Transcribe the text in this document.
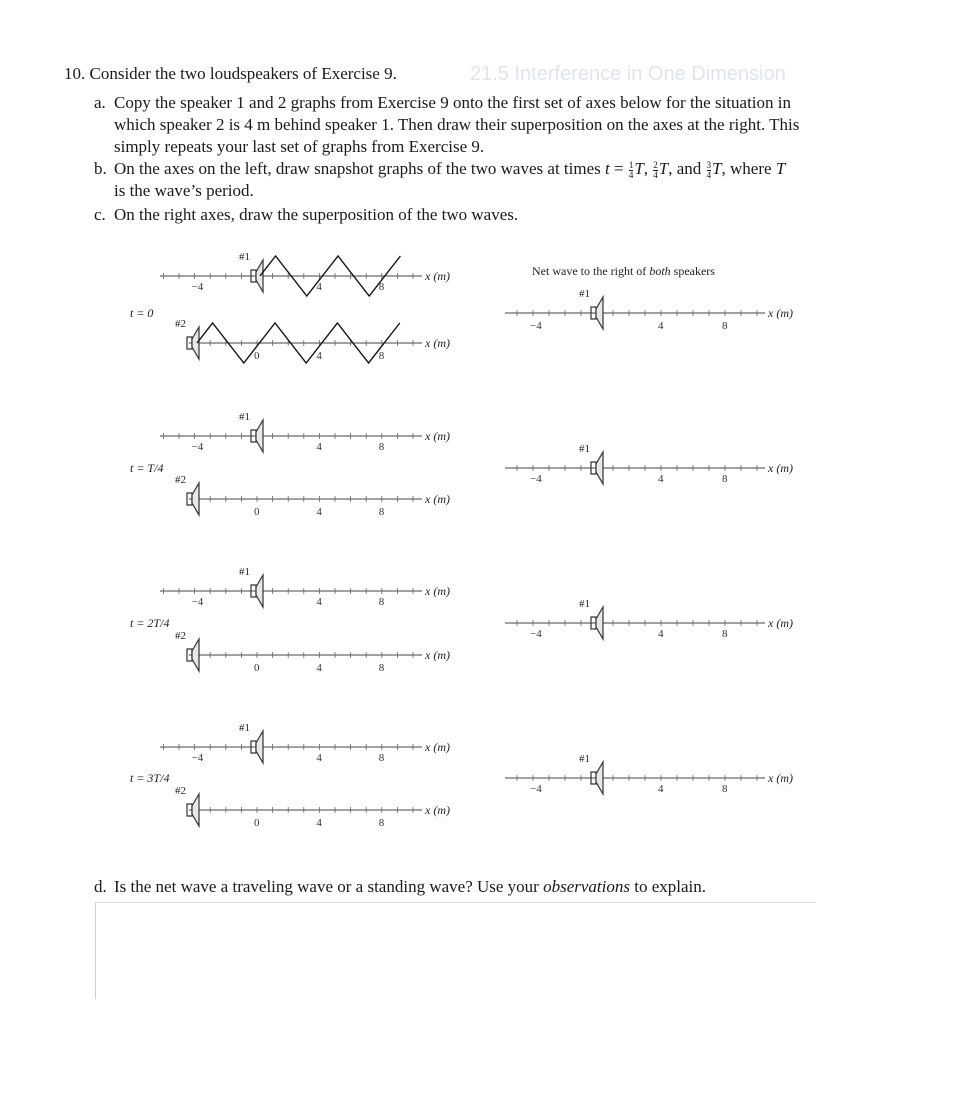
21.5 Interference in One Dimension
10. Consider the two loudspeakers of Exercise 9.
a. Copy the speaker 1 and 2 graphs from Exercise 9 onto the first set of axes below for the situation in
which speaker 2 is 4 m behind speaker 1. Then draw their superposition on the axes at the right. This
simply repeats your last set of graphs from Exercise 9.
b. On the axes on the left, draw snapshot graphs of the two waves at times $t = \frac{1}{4} T$, $\frac{2}{4} T$, and $\frac{3}{4} T$, where T
is the wave’s period.
c. On the right axes, draw the superposition of the two waves.
−4	4	8
x (m)
#1
0	4	8
x (m)
#2
t = 0
−4	4	8
x (m)
#1
0	4	8
x (m)
#2
t = T/4
−4	4	8
x (m)
#1
0	4	8
x (m)
#2
t = 2T/4
−4	4	8
x (m)
#1
0	4	8
x (m)
#2
t = 3T/4
−4	4	8
x (m)
#1
−4	4	8
x (m)
#1
−4	4	8
x (m)
#1
−4	4	8
x (m)
#1
Net wave to the right of both speakers
d. Is the net wave a traveling wave or a standing wave? Use your observations to explain.
